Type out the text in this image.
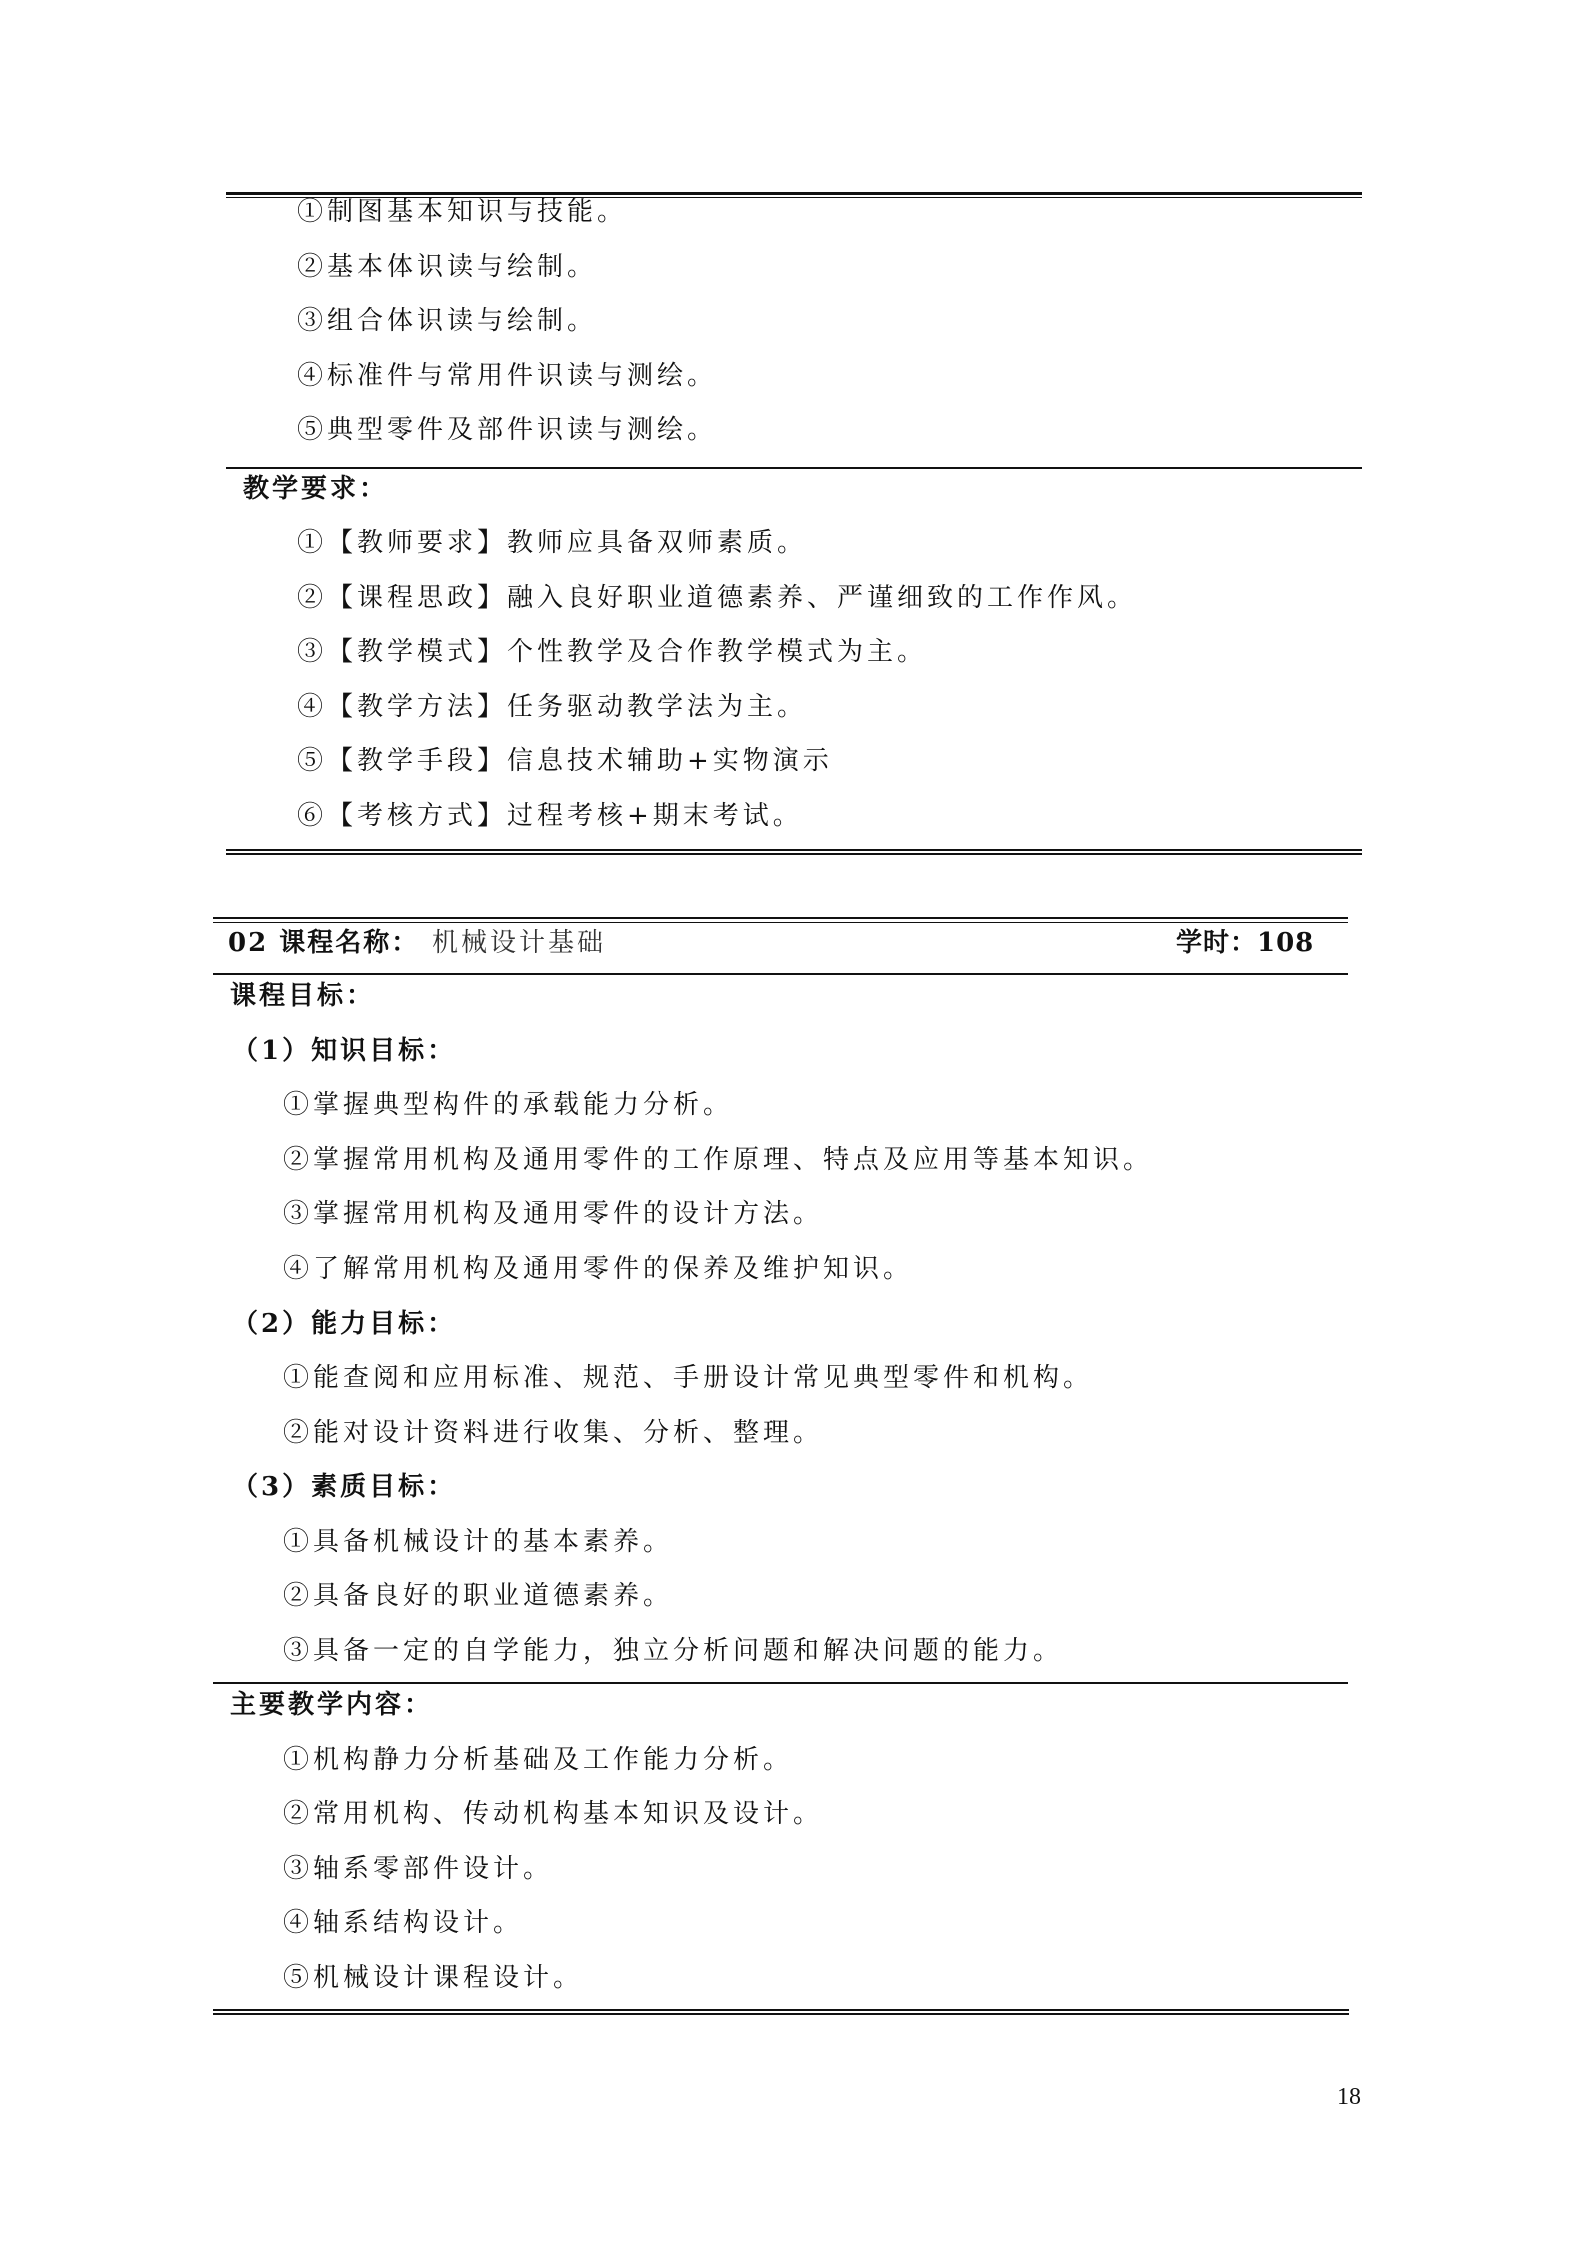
①制图基本知识与技能。
②基本体识读与绘制。
③组合体识读与绘制。
④标准件与常用件识读与测绘。
⑤典型零件及部件识读与测绘。
教学要求：
①【教师要求】教师应具备双师素质。
②【课程思政】融入良好职业道德素养、严谨细致的工作作风。
③【教学模式】个性教学及合作教学模式为主。
④【教学方法】任务驱动教学法为主。
⑤【教学手段】信息技术辅助+实物演示
⑥【考核方式】过程考核+期末考试。
02 课程名称： 机械设计基础	学时：108
课程目标：
（1）知识目标：
①掌握典型构件的承载能力分析。
②掌握常用机构及通用零件的工作原理、特点及应用等基本知识。
③掌握常用机构及通用零件的设计方法。
④了解常用机构及通用零件的保养及维护知识。
（2）能力目标：
①能查阅和应用标准、规范、手册设计常见典型零件和机构。
②能对设计资料进行收集、分析、整理。
（3）素质目标：
①具备机械设计的基本素养。
②具备良好的职业道德素养。
③具备一定的自学能力，独立分析问题和解决问题的能力。
主要教学内容：
①机构静力分析基础及工作能力分析。
②常用机构、传动机构基本知识及设计。
③轴系零部件设计。
④轴系结构设计。
⑤机械设计课程设计。
18
